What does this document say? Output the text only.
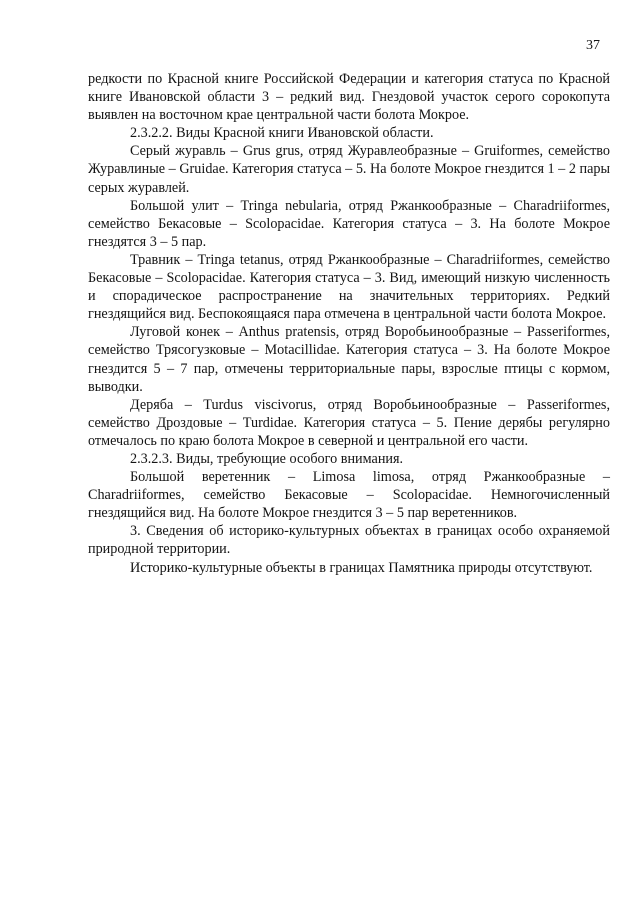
37

редкости по Красной книге Российской Федерации и категория статуса по Красной книге Ивановской области 3 – редкий вид. Гнездовой участок серого сорокопута выявлен на восточном крае центральной части болота Мокрое.

2.3.2.2. Виды Красной книги Ивановской области.

Серый журавль – Grus grus, отряд Журавлеобразные – Gruiformes, семейство Журавлиные – Gruidae. Категория статуса – 5. На болоте Мокрое гнездится 1 – 2 пары серых журавлей.

Большой улит – Tringa nebularia, отряд Ржанкообразные – Charadriiformes, семейство Бекасовые – Scolopacidae. Категория статуса – 3. На болоте Мокрое гнездятся 3 – 5 пар.

Травник – Tringa tetanus, отряд Ржанкообразные – Charadriiformes, семейство Бекасовые – Scolopacidae. Категория статуса – 3. Вид, имеющий низкую численность и спорадическое распространение на значительных территориях. Редкий гнездящийся вид. Беспокоящаяся пара отмечена в центральной части болота Мокрое.

Луговой конек – Anthus pratensis, отряд Воробьинообразные – Passeriformes, семейство Трясогузковые – Motacillidae. Категория статуса – 3. На болоте Мокрое гнездится 5 – 7 пар, отмечены территориальные пары, взрослые птицы с кормом, выводки.

Деряба – Turdus viscivorus, отряд Воробьинообразные – Passeriformes, семейство Дроздовые – Turdidae. Категория статуса – 5. Пение дерябы регулярно отмечалось по краю болота Мокрое в северной и центральной его части.

2.3.2.3. Виды, требующие особого внимания.

Большой веретенник – Limosa limosa, отряд Ржанкообразные – Charadriiformes, семейство Бекасовые – Scolopacidae. Немногочисленный гнездящийся вид. На болоте Мокрое гнездится 3 – 5 пар веретенников.

3. Сведения об историко-культурных объектах в границах особо охраняемой природной территории.

Историко-культурные объекты в границах Памятника природы отсутствуют.
